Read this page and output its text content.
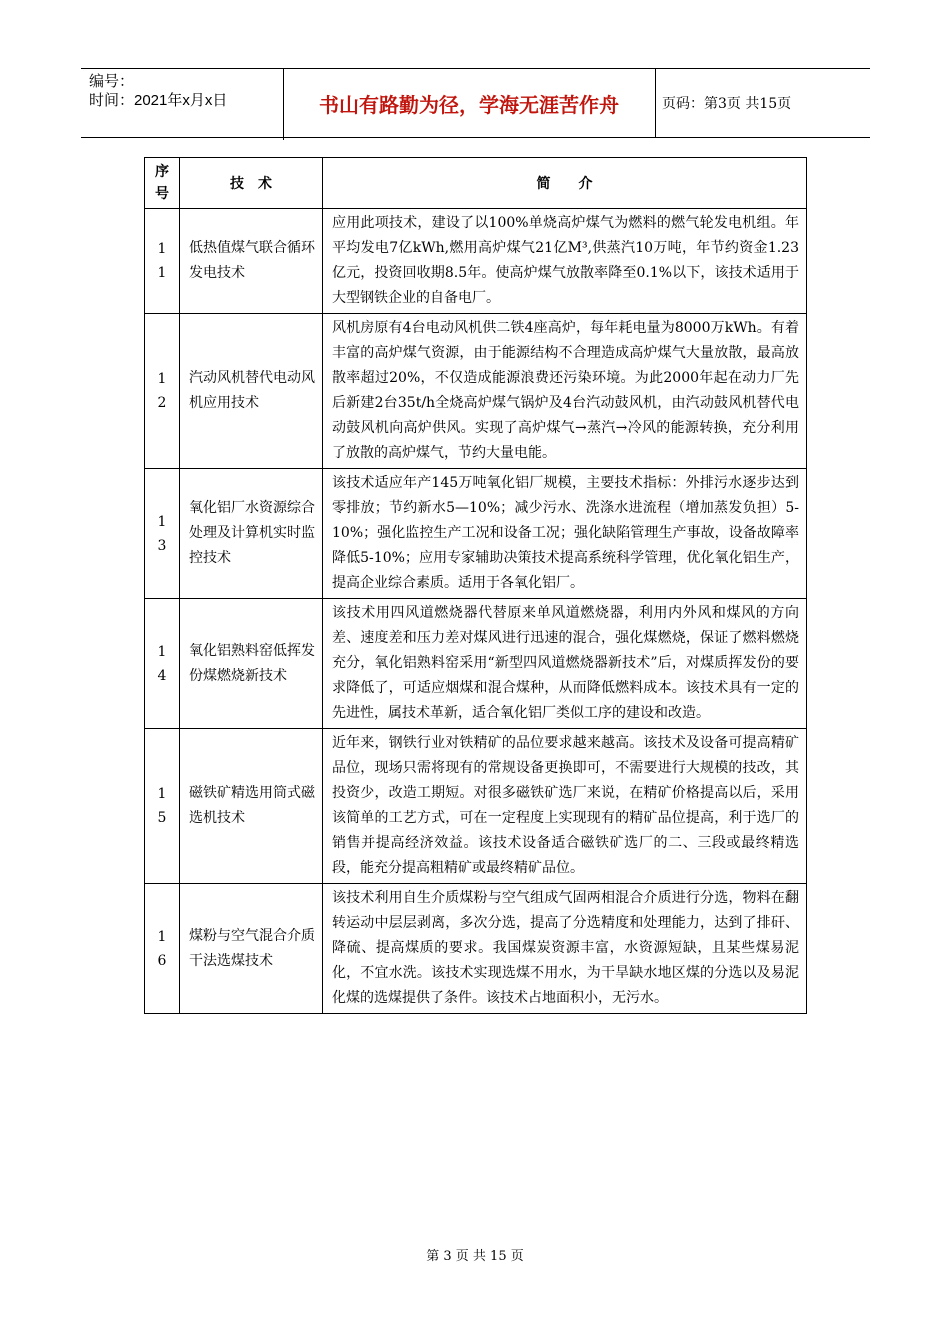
编号：
时间：2021年x月x日	书山有路勤为径，学海无涯苦作舟	页码：第3页 共15页
序
号	技　术	简　　介
1
1	低热值煤气联合循环发电技术	应用此项技术，建设了以100%单烧高炉煤气为燃料的燃气轮发电机组。年平均发电7亿kWh,燃用高炉煤气21亿M³,供蒸汽10万吨，年节约资金1.23亿元，投资回收期8.5年。使高炉煤气放散率降至0.1%以下，该技术适用于大型钢铁企业的自备电厂。
1
2	汽动风机替代电动风机应用技术	风机房原有4台电动风机供二铁4座高炉，每年耗电量为8000万kWh。有着丰富的高炉煤气资源，由于能源结构不合理造成高炉煤气大量放散，最高放散率超过20%，不仅造成能源浪费还污染环境。为此2000年起在动力厂先后新建2台35t/h全烧高炉煤气锅炉及4台汽动鼓风机，由汽动鼓风机替代电动鼓风机向高炉供风。实现了高炉煤气→蒸汽→冷风的能源转换，充分利用了放散的高炉煤气，节约大量电能。
1
3	氧化铝厂水资源综合处理及计算机实时监控技术	该技术适应年产145万吨氧化铝厂规模，主要技术指标：外排污水逐步达到零排放；节约新水5—10%；减少污水、洗涤水进流程（增加蒸发负担）5-10%；强化监控生产工况和设备工况；强化缺陷管理生产事故，设备故障率降低5-10%；应用专家辅助决策技术提高系统科学管理，优化氧化铝生产，提高企业综合素质。适用于各氧化铝厂。
1
4	氧化铝熟料窑低挥发份煤燃烧新技术	该技术用四风道燃烧器代替原来单风道燃烧器，利用内外风和煤风的方向差、速度差和压力差对煤风进行迅速的混合，强化煤燃烧，保证了燃料燃烧充分，氧化铝熟料窑采用“新型四风道燃烧器新技术”后，对煤质挥发份的要求降低了，可适应烟煤和混合煤种，从而降低燃料成本。该技术具有一定的先进性，属技术革新，适合氧化铝厂类似工序的建设和改造。
1
5	磁铁矿精选用筒式磁选机技术	近年来，钢铁行业对铁精矿的品位要求越来越高。该技术及设备可提高精矿品位，现场只需将现有的常规设备更换即可，不需要进行大规模的技改，其投资少，改造工期短。对很多磁铁矿选厂来说，在精矿价格提高以后，采用该简单的工艺方式，可在一定程度上实现现有的精矿品位提高，利于选厂的销售并提高经济效益。该技术设备适合磁铁矿选厂的二、三段或最终精选段，能充分提高粗精矿或最终精矿品位。
1
6	煤粉与空气混合介质干法选煤技术	该技术利用自生介质煤粉与空气组成气固两相混合介质进行分选，物料在翻转运动中层层剥离，多次分选，提高了分选精度和处理能力，达到了排矸、降硫、提高煤质的要求。我国煤炭资源丰富，水资源短缺，且某些煤易泥化，不宜水洗。该技术实现选煤不用水，为干旱缺水地区煤的分选以及易泥化煤的选煤提供了条件。该技术占地面积小，无污水。
第 3 页 共 15 页
